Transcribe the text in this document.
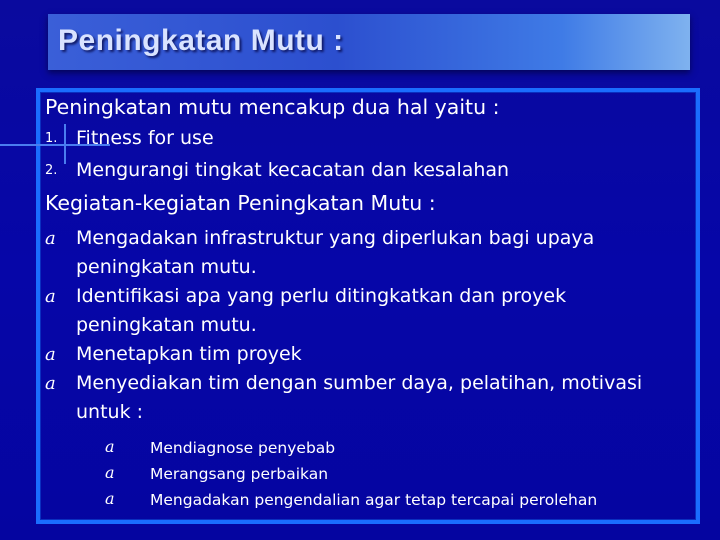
Peningkatan Mutu :
Peningkatan mutu mencakup dua hal yaitu :
1. Fitness for use
2. Mengurangi tingkat kecacatan dan kesalahan
Kegiatan-kegiatan Peningkatan Mutu :
a Mengadakan infrastruktur yang diperlukan bagi upaya peningkatan mutu.
a Identifikasi apa yang perlu ditingkatkan dan proyek peningkatan mutu.
a Menetapkan tim proyek
a Menyediakan tim dengan sumber daya, pelatihan, motivasi untuk :
a Mendiagnose penyebab
a Merangsang perbaikan
a Mengadakan pengendalian agar tetap tercapai perolehan
